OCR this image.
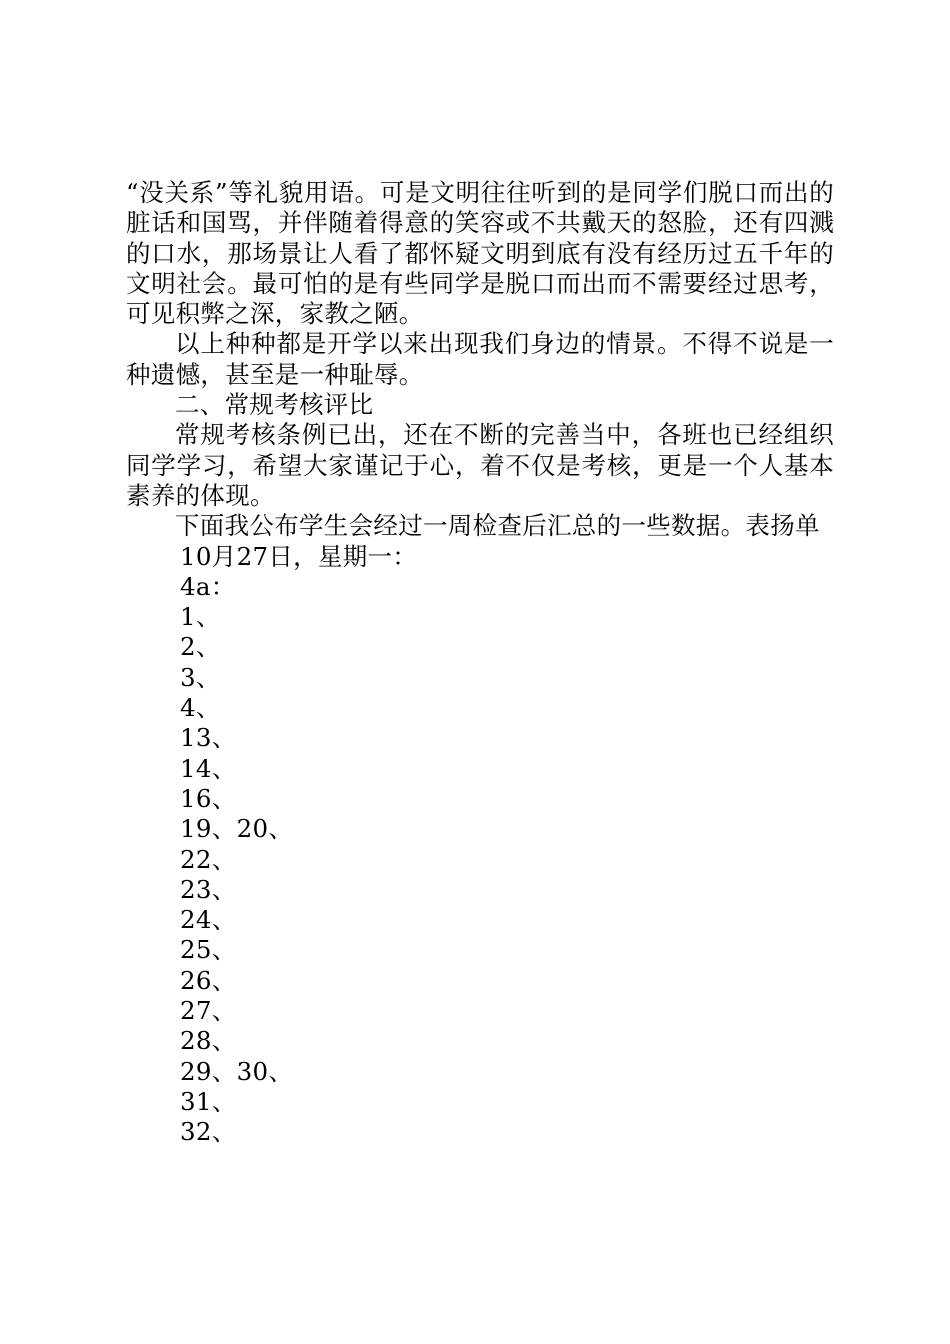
“没关系”等礼貌用语。可是文明往往听到的是同学们脱口而出的脏话和国骂，并伴随着得意的笑容或不共戴天的怒脸，还有四溅的口水，那场景让人看了都怀疑文明到底有没有经历过五千年的文明社会。最可怕的是有些同学是脱口而出而不需要经过思考，可见积弊之深，家教之陋。

以上种种都是开学以来出现我们身边的情景。不得不说是一种遗憾，甚至是一种耻辱。

二、常规考核评比

常规考核条例已出，还在不断的完善当中，各班也已经组织同学学习，希望大家谨记于心，着不仅是考核，更是一个人基本素养的体现。

下面我公布学生会经过一周检查后汇总的一些数据。表扬单

10月27日，星期一：
4a：
1、
2、
3、
4、
13、
14、
16、
19、20、
22、
23、
24、
25、
26、
27、
28、
29、30、
31、
32、
